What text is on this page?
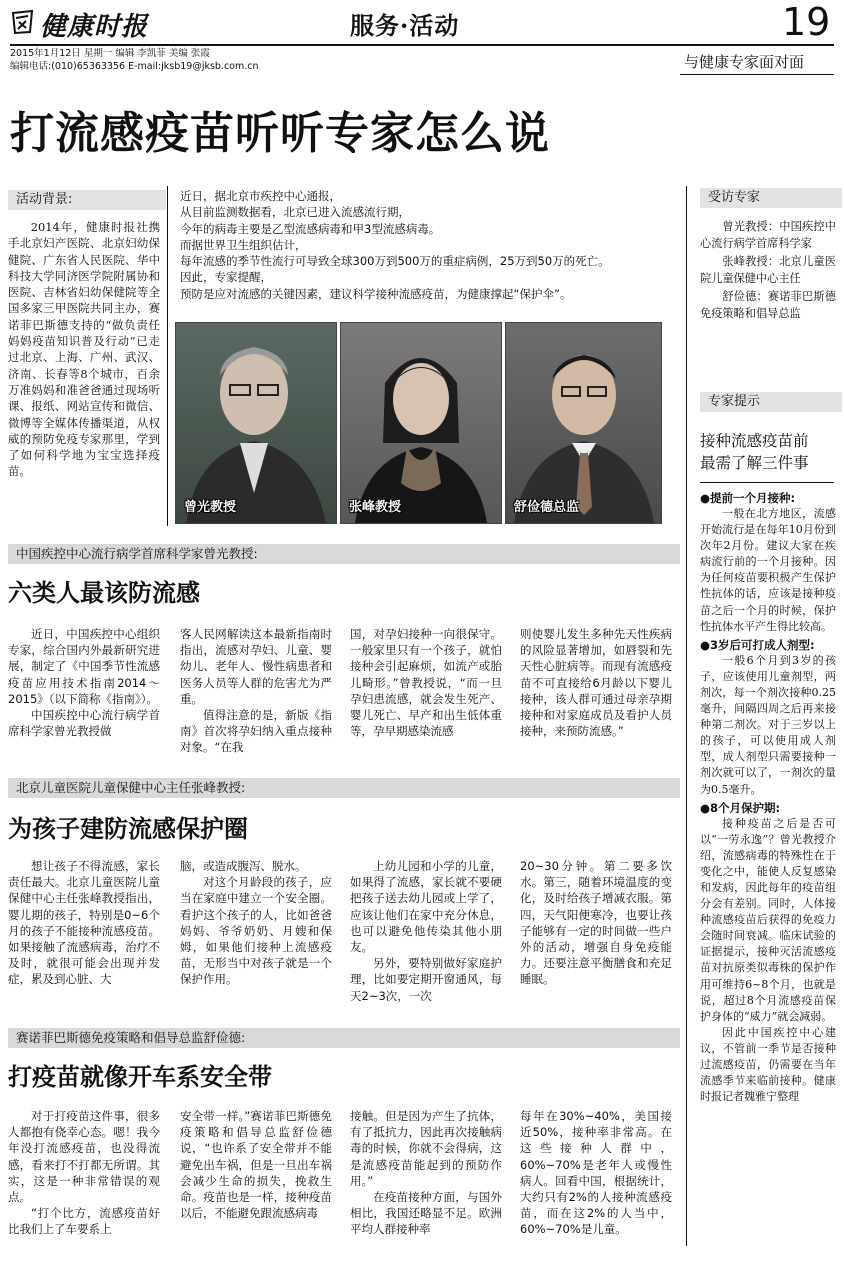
健康时报	服务·活动	19
2015年1月12日 星期一 编辑 李凯菲 美编 张霞
编辑电话:(010)65363356 E-mail:jksb19@jksb.com.cn	与健康专家面对面
打流感疫苗听听专家怎么说
活动背景:

2014年，健康时报社携手北京妇产医院、北京妇幼保健院、广东省人民医院、华中科技大学同济医学院附属协和医院、吉林省妇幼保健院等全国多家三甲医院共同主办，赛诺菲巴斯德支持的“做负责任妈妈疫苗知识普及行动”已走过北京、上海、广州、武汉、济南、长春等8个城市，百余万准妈妈和准爸爸通过现场听课、报纸、网站宣传和微信、微博等全媒体传播渠道，从权威的预防免疫专家那里，学到了如何科学地为宝宝选择疫苗。

近日，据北京市疾控中心通报，
从目前监测数据看，北京已进入流感流行期，
今年的病毒主要是乙型流感病毒和甲3型流感病毒。
而据世界卫生组织估计，
每年流感的季节性流行可导致全球300万到500万的重症病例，25万到50万的死亡。
因此，专家提醒，
预防是应对流感的关键因素，建议科学接种流感疫苗，为健康撑起“保护伞”。
曾光教授	张峰教授	舒俭德总监
受访专家

曾光教授：中国疾控中心流行病学首席科学家

张峰教授：北京儿童医院儿童保健中心主任

舒俭德：赛诺菲巴斯德免疫策略和倡导总监

专家提示
接种流感疫苗前
最需了解三件事
●提前一个月接种:

一般在北方地区，流感开始流行是在每年10月份到次年2月份。建议大家在疾病流行前的一个月接种。因为任何疫苗要积极产生保护性抗体的话，应该是接种疫苗之后一个月的时候，保护性抗体水平产生得比较高。

●3岁后可打成人剂型:

一般6个月到3岁的孩子，应该使用儿童剂型，两剂次，每一个剂次接种0.25毫升，间隔四周之后再来接种第二剂次。对于三岁以上的孩子，可以使用成人剂型，成人剂型只需要接种一剂次就可以了，一剂次的量为0.5毫升。

●8个月保护期:

接种疫苗之后是否可以“一劳永逸”？曾光教授介绍，流感病毒的特殊性在于变化之中，能使人反复感染和发病，因此每年的疫苗组分会有差别。同时，人体接种流感疫苗后获得的免疫力会随时间衰减。临床试验的证据提示，接种灭活流感疫苗对抗原类似毒株的保护作用可维持6~8个月，也就是说，超过8个月流感疫苗保护身体的“威力”就会减弱。

因此中国疾控中心建议，不管前一季节是否接种过流感疫苗，仍需要在当年流感季节来临前接种。健康时报记者魏雅宁整理

中国疾控中心流行病学首席科学家曾光教授:
六类人最该防流感

近日，中国疾控中心组织专家，综合国内外最新研究进展，制定了《中国季节性流感疫苗应用技术指南2014～2015》（以下简称《指南》）。

中国疾控中心流行病学首席科学家曾光教授做

客人民网解读这本最新指南时指出，流感对孕妇、儿童、婴幼儿、老年人、慢性病患者和医务人员等人群的危害尤为严重。

值得注意的是，新版《指南》首次将孕妇纳入重点接种对象。“在我

国，对孕妇接种一向很保守。一般家里只有一个孩子，就怕接种会引起麻烦，如流产或胎儿畸形。”曾教授说，“而一旦孕妇患流感，就会发生死产、婴儿死亡、早产和出生低体重等，孕早期感染流感

则使婴儿发生多种先天性疾病的风险显著增加，如唇裂和先天性心脏病等。而现有流感疫苗不可直接给6月龄以下婴儿接种，该人群可通过母亲孕期接种和对家庭成员及看护人员接种，来预防流感。”

北京儿童医院儿童保健中心主任张峰教授:
为孩子建防流感保护圈

想让孩子不得流感，家长责任最大。北京儿童医院儿童保健中心主任张峰教授指出，婴儿期的孩子，特别是0~6个月的孩子不能接种流感疫苗。如果接触了流感病毒，治疗不及时，就很可能会出现并发症，累及到心脏、大

脑，或造成腹泻、脱水。

对这个月龄段的孩子，应当在家庭中建立一个安全圈。看护这个孩子的人，比如爸爸妈妈、爷爷奶奶、月嫂和保姆，如果他们接种上流感疫苗，无形当中对孩子就是一个保护作用。

上幼儿园和小学的儿童，如果得了流感，家长就不要硬把孩子送去幼儿园或上学了，应该让他们在家中充分休息，也可以避免他传染其他小朋友。

另外，要特别做好家庭护理，比如要定期开窗通风，每天2~3次，一次

20~30分钟。第二要多饮水。第三，随着环境温度的变化，及时给孩子增减衣服。第四，天气阳便寒冷，也要让孩子能够有一定的时间做一些户外的活动，增强自身免疫能力。还要注意平衡膳食和充足睡眠。

赛诺菲巴斯德免疫策略和倡导总监舒俭德:
打疫苗就像开车系安全带

对于打疫苗这件事，很多人都抱有侥幸心态。嗯！我今年没打流感疫苗，也没得流感，看来打不打都无所谓。其实，这是一种非常错误的观点。

“打个比方，流感疫苗好比我们上了车要系上

安全带一样。”赛诺菲巴斯德免疫策略和倡导总监舒俭德说，“也许系了安全带并不能避免出车祸，但是一旦出车祸会减少生命的损失，挽救生命。疫苗也是一样，接种疫苗以后，不能避免跟流感病毒

接触。但是因为产生了抗体，有了抵抗力，因此再次接触病毒的时候，你就不会得病，这是流感疫苗能起到的预防作用。”

在疫苗接种方面，与国外相比，我国还略显不足。欧洲平均人群接种率

每年在30%~40%，美国接近50%，接种率非常高。在这些接种人群中，60%~70%是老年人或慢性病人。回看中国，根据统计，大约只有2%的人接种流感疫苗，而在这2%的人当中，60%~70%是儿童。
